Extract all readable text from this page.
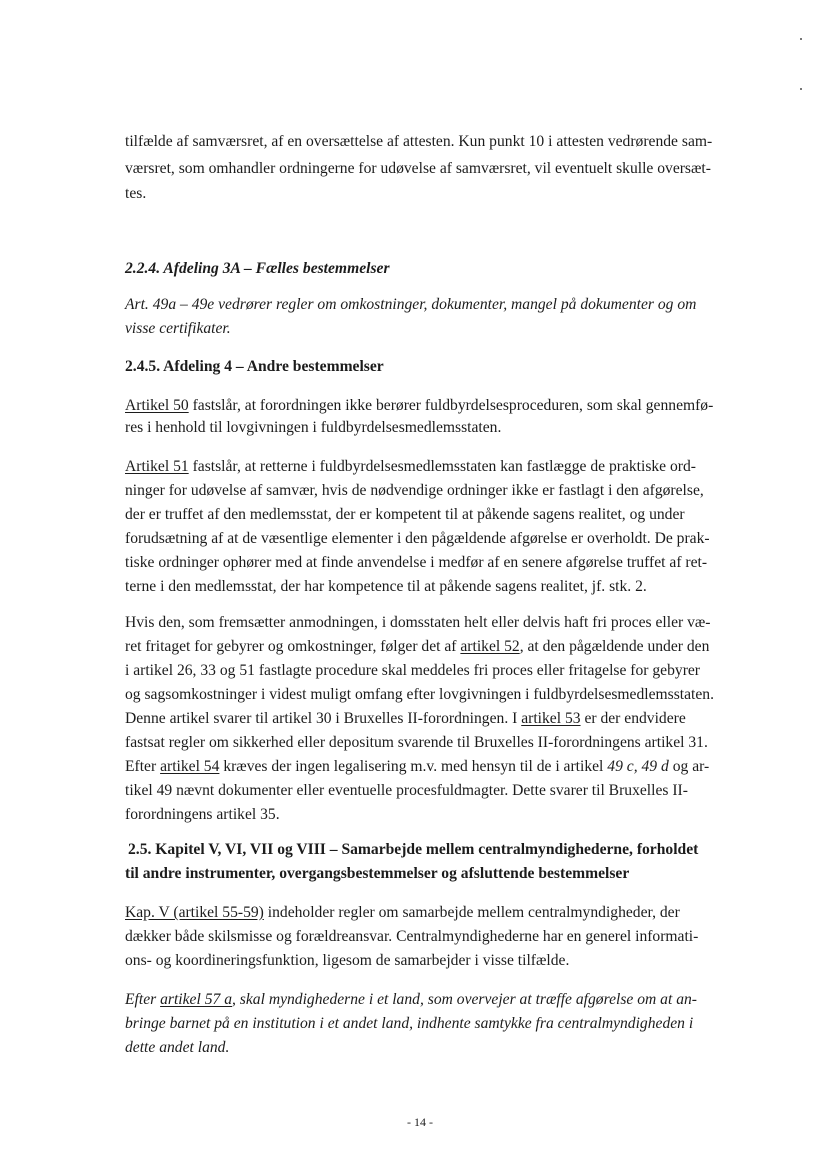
tilfælde af samværsret, af en oversættelse af attesten. Kun punkt 10 i attesten vedrørende sam-
værsret, som omhandler ordningerne for udøvelse af samværsret, vil eventuelt skulle oversæt-
tes.
2.2.4. Afdeling 3A – Fælles bestemmelser
Art. 49a – 49e vedrører regler om omkostninger, dokumenter, mangel på dokumenter og om
visse certifikater.
2.4.5. Afdeling 4 – Andre bestemmelser
Artikel 50 fastslår, at forordningen ikke berører fuldbyrdelsesproceduren, som skal gennemfø-
res i henhold til lovgivningen i fuldbyrdelsesmedlemsstaten.
Artikel 51 fastslår, at retterne i fuldbyrdelsesmedlemsstaten kan fastlægge de praktiske ord-
ninger for udøvelse af samvær, hvis de nødvendige ordninger ikke er fastlagt i den afgørelse,
der er truffet af den medlemsstat, der er kompetent til at påkende sagens realitet, og under
forudsætning af at de væsentlige elementer i den pågældende afgørelse er overholdt. De prak-
tiske ordninger ophører med at finde anvendelse i medfør af en senere afgørelse truffet af ret-
terne i den medlemsstat, der har kompetence til at påkende sagens realitet, jf. stk. 2.
Hvis den, som fremsætter anmodningen, i domsstaten helt eller delvis haft fri proces eller væ-
ret fritaget for gebyrer og omkostninger, følger det af artikel 52, at den pågældende under den
i artikel 26, 33 og 51 fastlagte procedure skal meddeles fri proces eller fritagelse for gebyrer
og sagsomkostninger i videst muligt omfang efter lovgivningen i fuldbyrdelsesmedlemsstaten.
Denne artikel svarer til artikel 30 i Bruxelles II-forordningen. I artikel 53 er der endvidere
fastsat regler om sikkerhed eller depositum svarende til Bruxelles II-forordningens artikel 31.
Efter artikel 54 kræves der ingen legalisering m.v. med hensyn til de i artikel 49 c, 49 d og ar-
tikel 49 nævnt dokumenter eller eventuelle procesfuldmagter. Dette svarer til Bruxelles II-
forordningens artikel 35.
2.5. Kapitel V, VI, VII og VIII – Samarbejde mellem centralmyndighederne, forholdet
til andre instrumenter, overgangsbestemmelser og afsluttende bestemmelser
Kap. V (artikel 55-59) indeholder regler om samarbejde mellem centralmyndigheder, der
dækker både skilsmisse og forældreansvar. Centralmyndighederne har en generel informati-
ons- og koordineringsfunktion, ligesom de samarbejder i visse tilfælde.
Efter artikel 57 a, skal myndighederne i et land, som overvejer at træffe afgørelse om at an-
bringe barnet på en institution i et andet land, indhente samtykke fra centralmyndigheden i
dette andet land.
- 14 -
